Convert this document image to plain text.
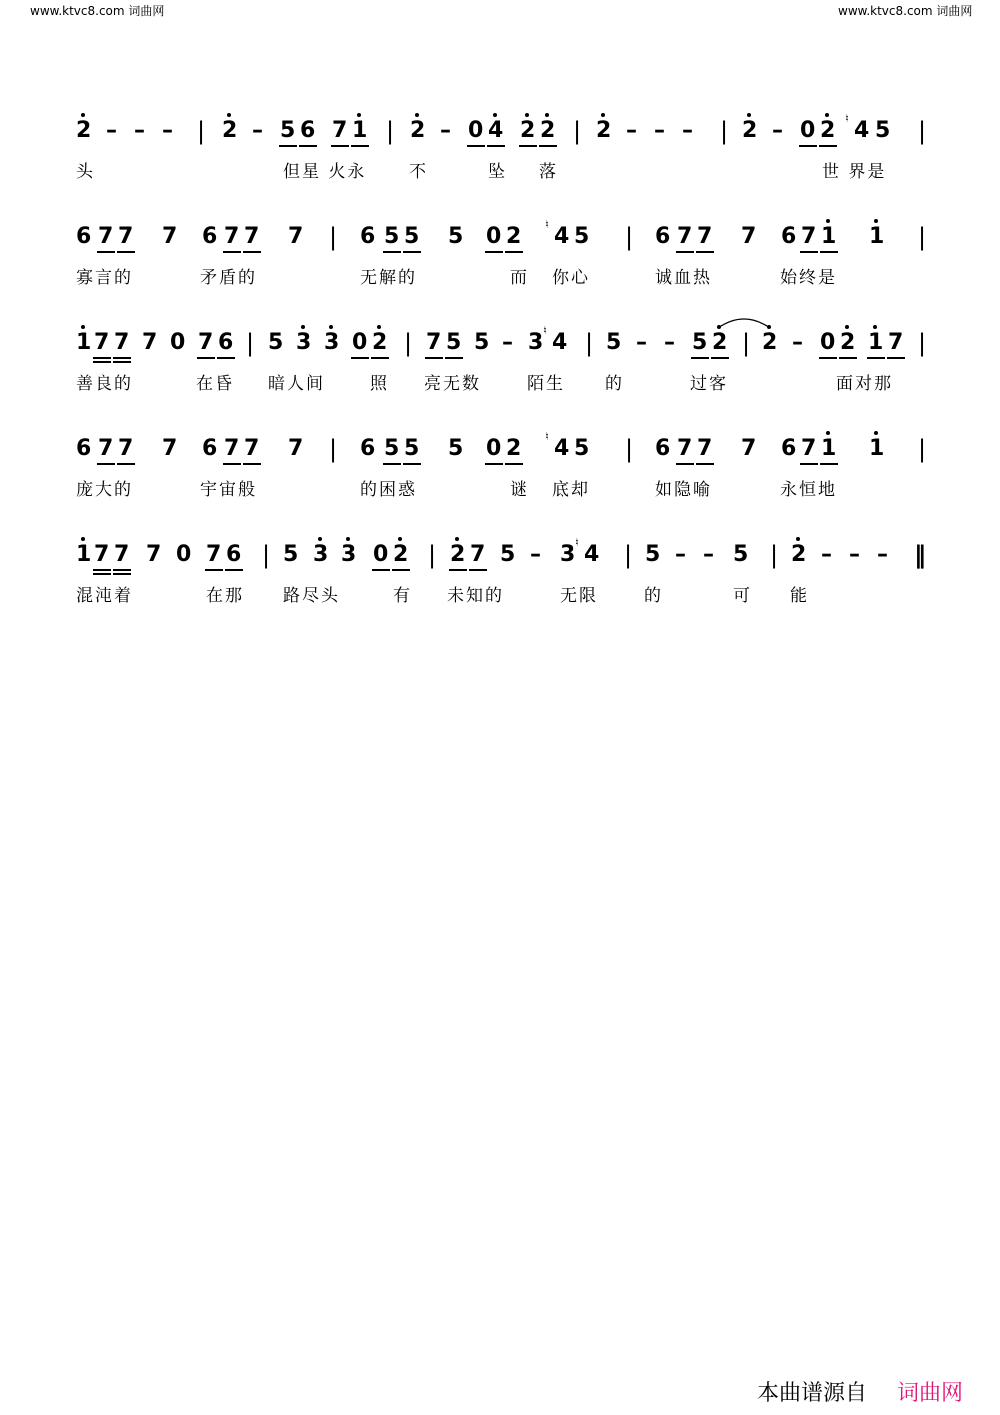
www.ktvc8.com 词曲网	www.ktvc8.com 词曲网
2 – – – | 2 – 5 6 7 1 | 2 – 0 4 2 2 | 2 – – – | 2 – 0 2 4
♮ 5 |
头	但星 火永	不	坠 落	世 界是
6 7 7 7 6 7 7 7 | 6 5 5 5 0 2 4
♮ 5 | 6 7 7 7 6 7 1 1 |
寡言的	矛盾的	无解的	而 你心	诚血热	始终是
1 7 7 7 0 7 6 | 5 3 3 0 2 | 7 5 5 – 3 4
♮ | 5 – – 5 2 | 2 – 0 2 1 7 |
善良的	在昏 暗人间	照 亮无数	陌生 的	过客	面对那
6 7 7 7 6 7 7 7 | 6 5 5 5 0 2 4
♮ 5 | 6 7 7 7 6 7 1 1 |
庞大的	宇宙般	的困惑	谜 底却	如隐喻	永恒地
1 7 7 7 0 7 6 | 5 3 3 0 2 | 2 7 5 – 3 4
♮ | 5 – – 5 | 2 – – – ‖
混沌着	在那 路尽头	有 未知的	无限	的	可 能
本曲谱源自 词曲网
